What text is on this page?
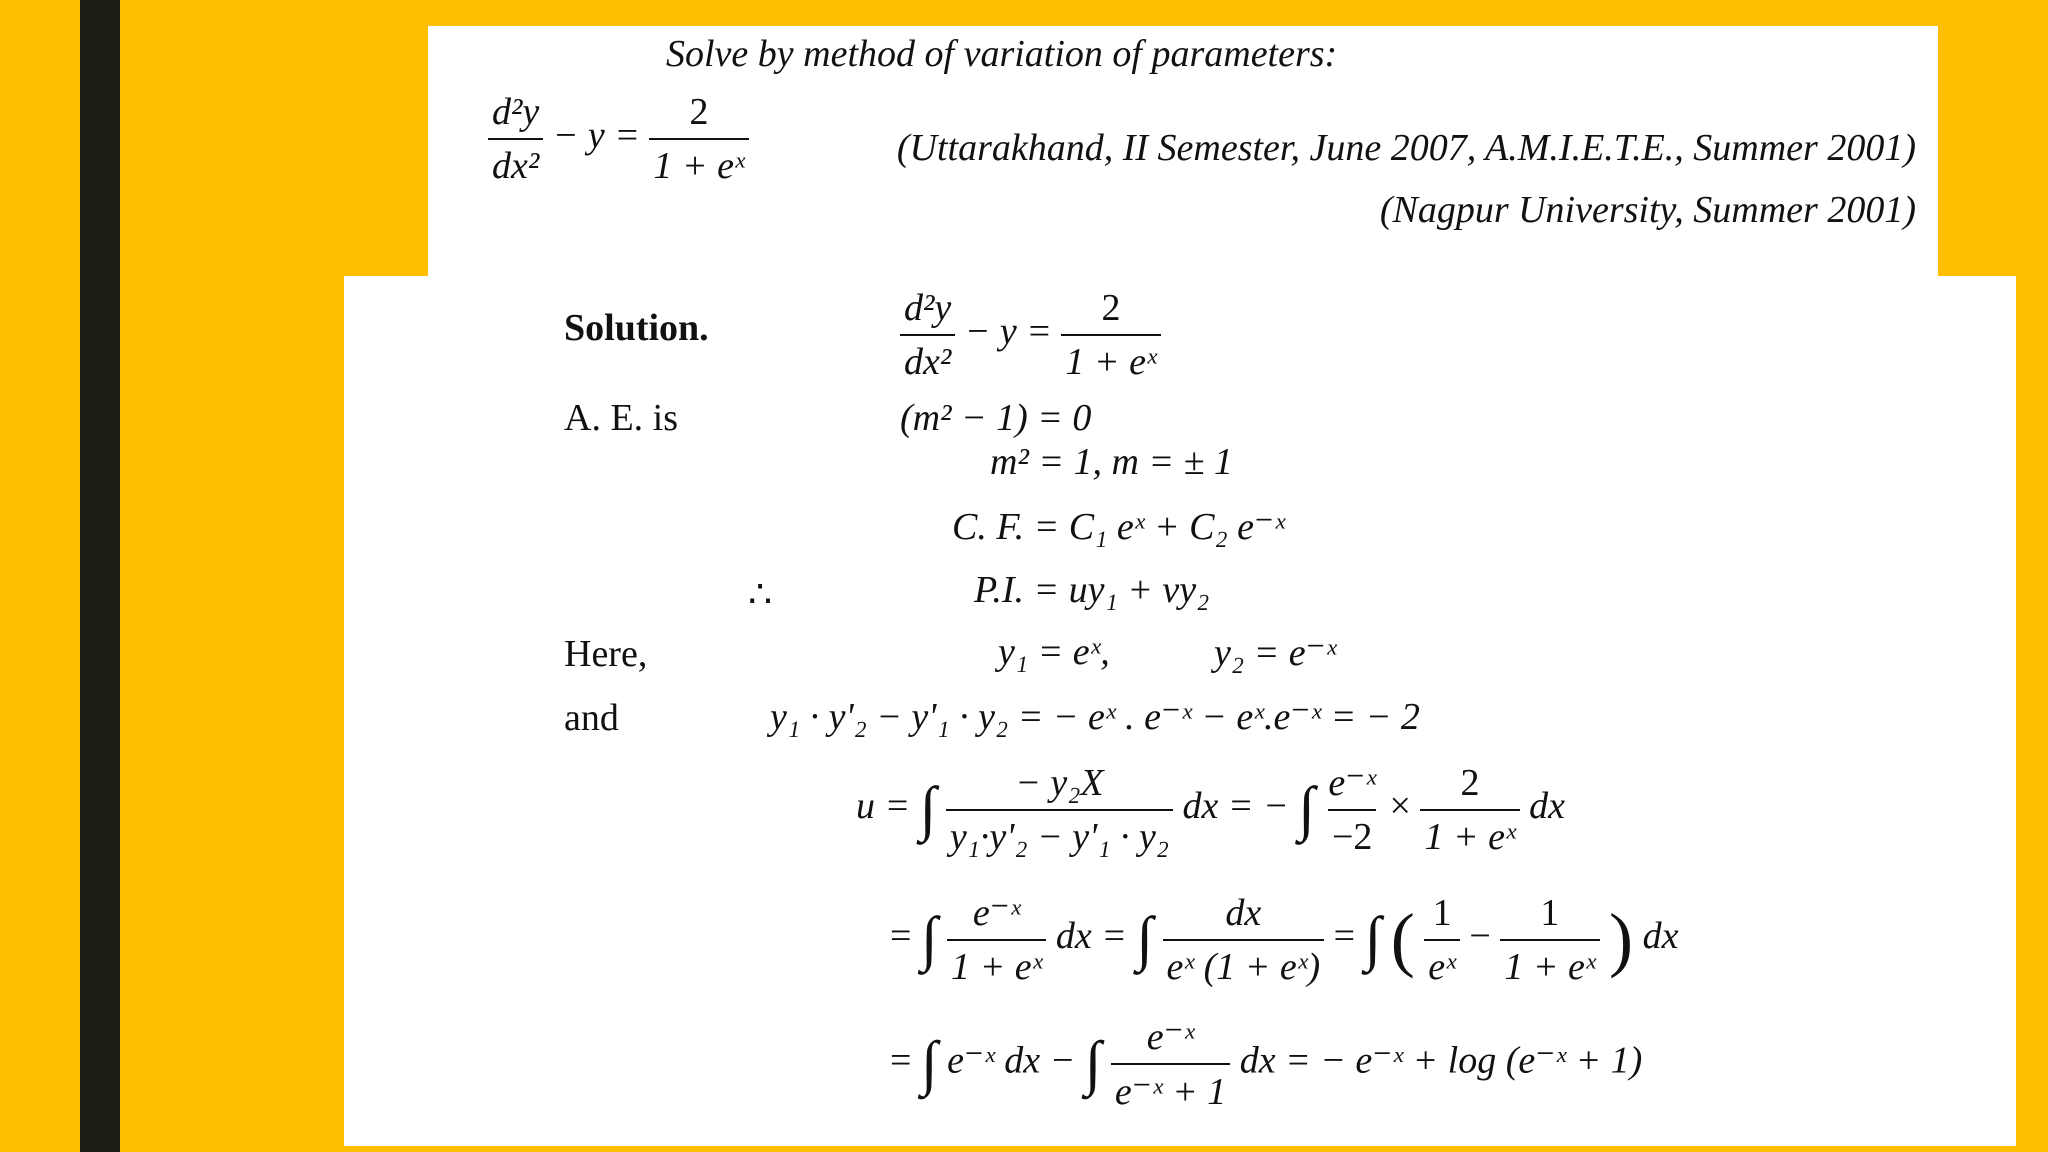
Solve by method of variation of parameters:
$\frac{\text{d²y}}{\text{dx²}} - y = \frac{2}{\text{1 + eˣ}}$	(Uttarakhand, II Semester, June 2007, A.M.I.E.T.E., Summer 2001)
(Nagpur University, Summer 2001)
Solution.	$\frac{\text{d²y}}{\text{dx²}} - y = \frac{2}{\text{1 + eˣ}}$
A. E. is	(m² − 1) = 0
m² = 1, m = ± 1
C. F. = C₁ eˣ + C₂ e⁻ˣ
∴	P.I. = uy₁ + vy₂
Here,	y₁ = eˣ,	y₂ = e⁻ˣ
and	y₁ · y'₂ − y'₁ · y₂ = − eˣ . e⁻ˣ − eˣ.e⁻ˣ = − 2
u = ∫ $\frac{\text{− y₂X}}{\text{y₁·y'₂ − y'₁ · y₂}}$ dx = − ∫ $\frac{\text{e⁻ˣ}}{-2} \times \frac{2}{\text{1 + eˣ}}$ dx
= ∫ $\frac{\text{e⁻ˣ}}{\text{1 + eˣ}}$ dx = ∫ $\frac{dx}{\text{eˣ (1 + eˣ)}}$ = ∫ ( $\frac{1}{\text{eˣ}} - \frac{1}{\text{1 + eˣ}}$ ) dx
= ∫ e⁻ˣ dx − ∫ $\frac{\text{e⁻ˣ}}{\text{e⁻ˣ + 1}}$ dx = − e⁻ˣ + log (e⁻ˣ + 1)
